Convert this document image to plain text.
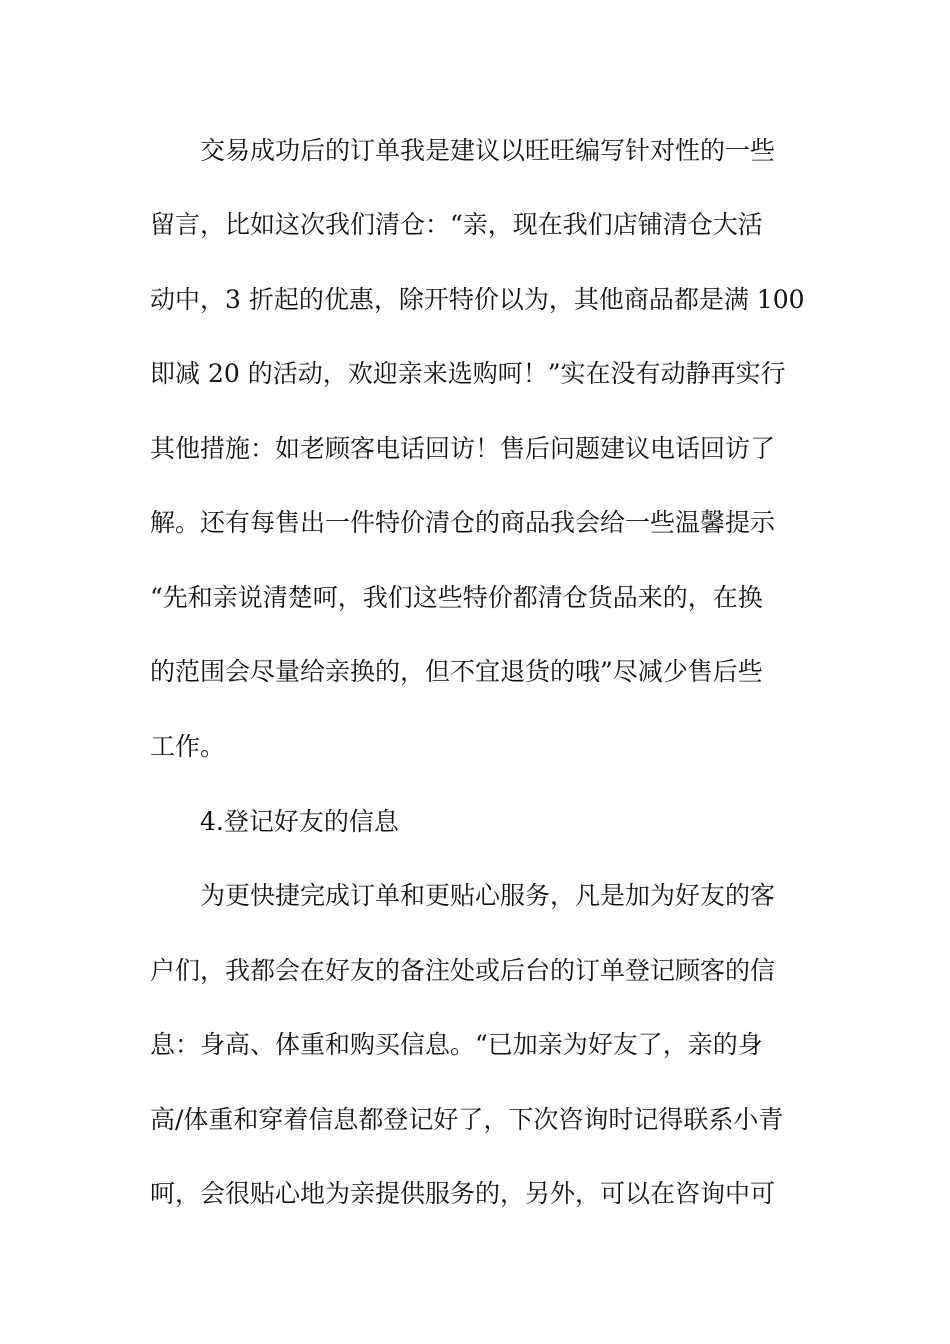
　　交易成功后的订单我是建议以旺旺编写针对性的一些

留言，比如这次我们清仓：“亲，现在我们店铺清仓大活

动中，3 折起的优惠，除开特价以为，其他商品都是满 100

即减 20 的活动，欢迎亲来选购呵！”实在没有动静再实行

其他措施：如老顾客电话回访！售后问题建议电话回访了

解。还有每售出一件特价清仓的商品我会给一些温馨提示

“先和亲说清楚呵，我们这些特价都清仓货品来的，在换

的范围会尽量给亲换的，但不宜退货的哦”尽减少售后些

工作。

　　4.登记好友的信息

　　为更快捷完成订单和更贴心服务，凡是加为好友的客

户们，我都会在好友的备注处或后台的订单登记顾客的信

息：身高、体重和购买信息。“已加亲为好友了，亲的身

高/体重和穿着信息都登记好了，下次咨询时记得联系小青

呵，会很贴心地为亲提供服务的，另外，可以在咨询中可
